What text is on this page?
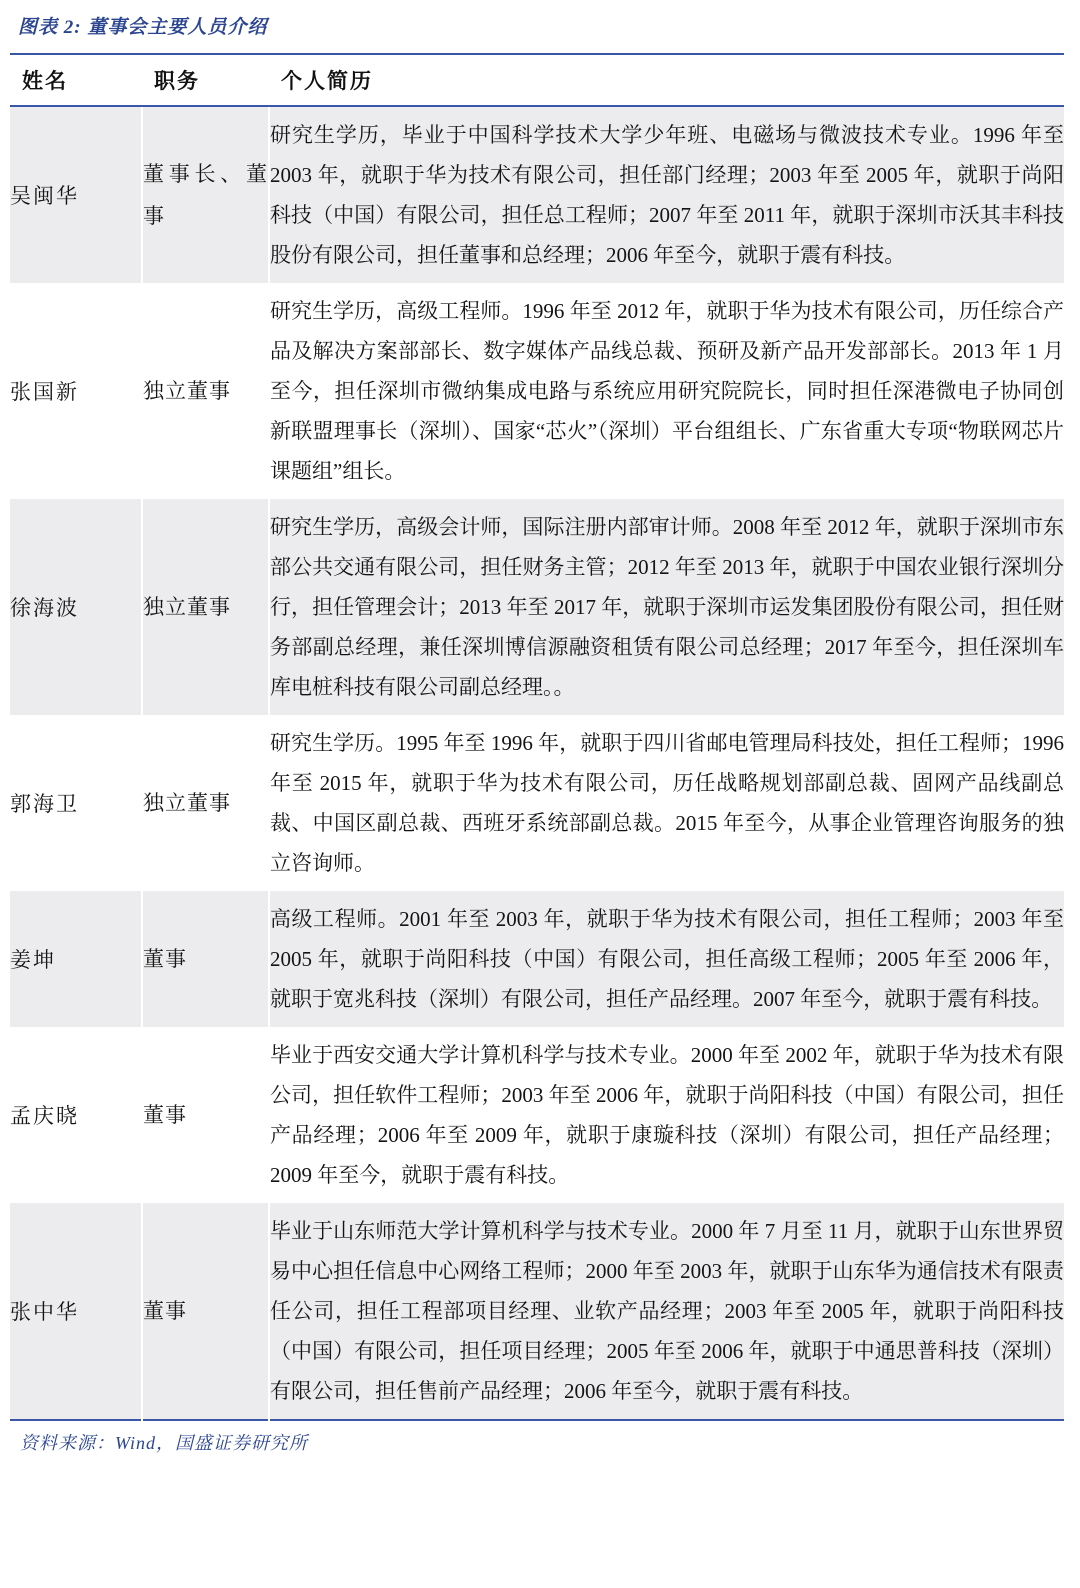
图表 2: 董事会主要人员介绍
姓名	职务	个人简历
吴闽华	董事长、董事	研究生学历，毕业于中国科学技术大学少年班、电磁场与微波技术专业。1996 年至 2003 年，就职于华为技术有限公司，担任部门经理；2003 年至 2005 年，就职于尚阳科技（中国）有限公司，担任总工程师；2007 年至 2011 年，就职于深圳市沃其丰科技股份有限公司，担任董事和总经理；2006 年至今，就职于震有科技。
张国新	独立董事	研究生学历，高级工程师。1996 年至 2012 年，就职于华为技术有限公司，历任综合产品及解决方案部部长、数字媒体产品线总裁、预研及新产品开发部部长。2013 年 1 月至今，担任深圳市微纳集成电路与系统应用研究院院长，同时担任深港微电子协同创新联盟理事长（深圳）、国家“芯火”（深圳）平台组组长、广东省重大专项“物联网芯片课题组”组长。
徐海波	独立董事	研究生学历，高级会计师，国际注册内部审计师。2008 年至 2012 年，就职于深圳市东部公共交通有限公司，担任财务主管；2012 年至 2013 年，就职于中国农业银行深圳分行，担任管理会计；2013 年至 2017 年，就职于深圳市运发集团股份有限公司，担任财务部副总经理，兼任深圳博信源融资租赁有限公司总经理；2017 年至今，担任深圳车库电桩科技有限公司副总经理。。
郭海卫	独立董事	研究生学历。1995 年至 1996 年，就职于四川省邮电管理局科技处，担任工程师；1996 年至 2015 年，就职于华为技术有限公司，历任战略规划部副总裁、固网产品线副总裁、中国区副总裁、西班牙系统部副总裁。2015 年至今，从事企业管理咨询服务的独立咨询师。
姜坤	董事	高级工程师。2001 年至 2003 年，就职于华为技术有限公司，担任工程师；2003 年至 2005 年，就职于尚阳科技（中国）有限公司，担任高级工程师；2005 年至 2006 年，就职于宽兆科技（深圳）有限公司，担任产品经理。2007 年至今，就职于震有科技。
孟庆晓	董事	毕业于西安交通大学计算机科学与技术专业。2000 年至 2002 年，就职于华为技术有限公司，担任软件工程师；2003 年至 2006 年，就职于尚阳科技（中国）有限公司，担任产品经理；2006 年至 2009 年，就职于康璇科技（深圳）有限公司，担任产品经理；2009 年至今，就职于震有科技。
张中华	董事	毕业于山东师范大学计算机科学与技术专业。2000 年 7 月至 11 月，就职于山东世界贸易中心担任信息中心网络工程师；2000 年至 2003 年，就职于山东华为通信技术有限责任公司，担任工程部项目经理、业软产品经理；2003 年至 2005 年，就职于尚阳科技（中国）有限公司，担任项目经理；2005 年至 2006 年，就职于中通思普科技（深圳）有限公司，担任售前产品经理；2006 年至今，就职于震有科技。
资料来源：Wind，国盛证券研究所
